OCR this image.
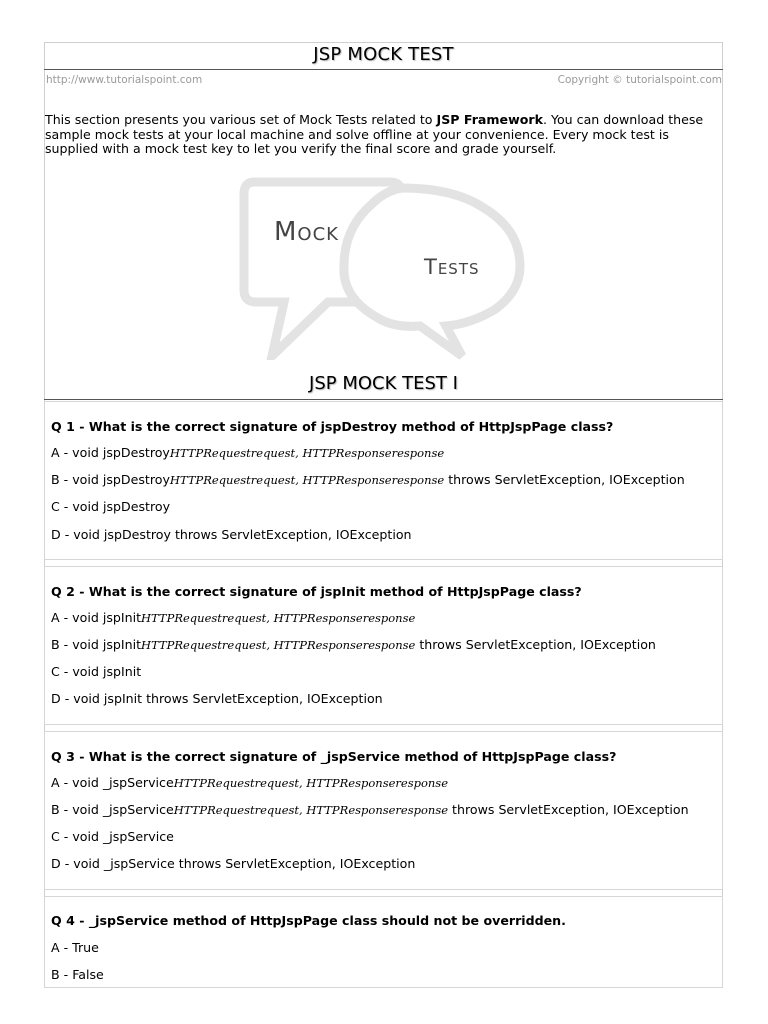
JSP MOCK TEST
http://www.tutorialspoint.com	Copyright © tutorialspoint.com

This section presents you various set of Mock Tests related to JSP Framework. You can download these sample mock tests at your local machine and solve offline at your convenience. Every mock test is supplied with a mock test key to let you verify the final score and grade yourself.

Mock
Tests
JSP MOCK TEST I
Q 1 - What is the correct signature of jspDestroy method of HttpJspPage class?
A - void jspDestroyHTTPRequestrequest, HTTPResponseresponse
B - void jspDestroyHTTPRequestrequest, HTTPResponseresponse throws ServletException, IOException
C - void jspDestroy
D - void jspDestroy throws ServletException, IOException
Q 2 - What is the correct signature of jspInit method of HttpJspPage class?
A - void jspInitHTTPRequestrequest, HTTPResponseresponse
B - void jspInitHTTPRequestrequest, HTTPResponseresponse throws ServletException, IOException
C - void jspInit
D - void jspInit throws ServletException, IOException
Q 3 - What is the correct signature of _jspService method of HttpJspPage class?
A - void _jspServiceHTTPRequestrequest, HTTPResponseresponse
B - void _jspServiceHTTPRequestrequest, HTTPResponseresponse throws ServletException, IOException
C - void _jspService
D - void _jspService throws ServletException, IOException
Q 4 - _jspService method of HttpJspPage class should not be overridden.
A - True
B - False
